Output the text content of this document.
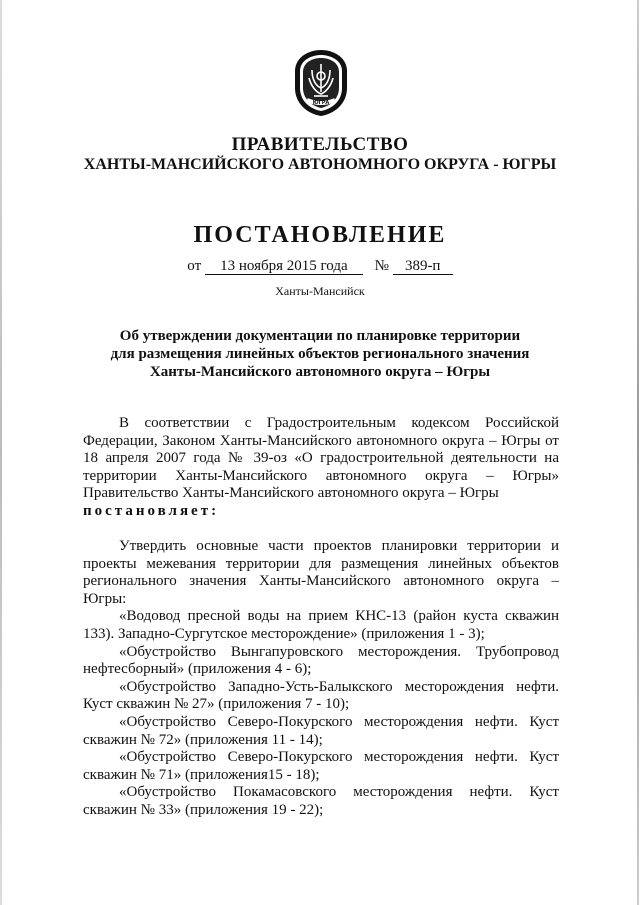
ЮГРА
ПРАВИТЕЛЬСТВО
ХАНТЫ-МАНСИЙСКОГО АВТОНОМНОГО ОКРУГА - ЮГРЫ
ПОСТАНОВЛЕНИЕ
от 13 ноября 2015 года № 389-п
Ханты-Мансийск
Об утверждении документации по планировке территории
для размещения линейных объектов регионального значения
Ханты-Мансийского автономного округа – Югры

В соответствии с Градостроительным кодексом Российской Федерации, Законом Ханты-Мансийского автономного округа – Югры от 18 апреля 2007 года № 39-оз «О градостроительной деятельности на территории Ханты-Мансийского автономного округа – Югры» Правительство Ханты-Мансийского автономного округа – Югры

постановляет:

Утвердить основные части проектов планировки территории и проекты межевания территории для размещения линейных объектов регионального значения Ханты-Мансийского автономного округа – Югры:

«Водовод пресной воды на прием КНС-13 (район куста скважин 133). Западно-Сургутское месторождение» (приложения 1 - 3);

«Обустройство Вынгапуровского месторождения. Трубопровод нефтесборный» (приложения 4 - 6);

«Обустройство Западно-Усть-Балыкского месторождения нефти. Куст скважин № 27» (приложения 7 - 10);

«Обустройство Северо-Покурского месторождения нефти. Куст скважин № 72» (приложения 11 - 14);

«Обустройство Северо-Покурского месторождения нефти. Куст скважин № 71» (приложения15 - 18);

«Обустройство Покамасовского месторождения нефти. Куст скважин № 33» (приложения 19 - 22);
